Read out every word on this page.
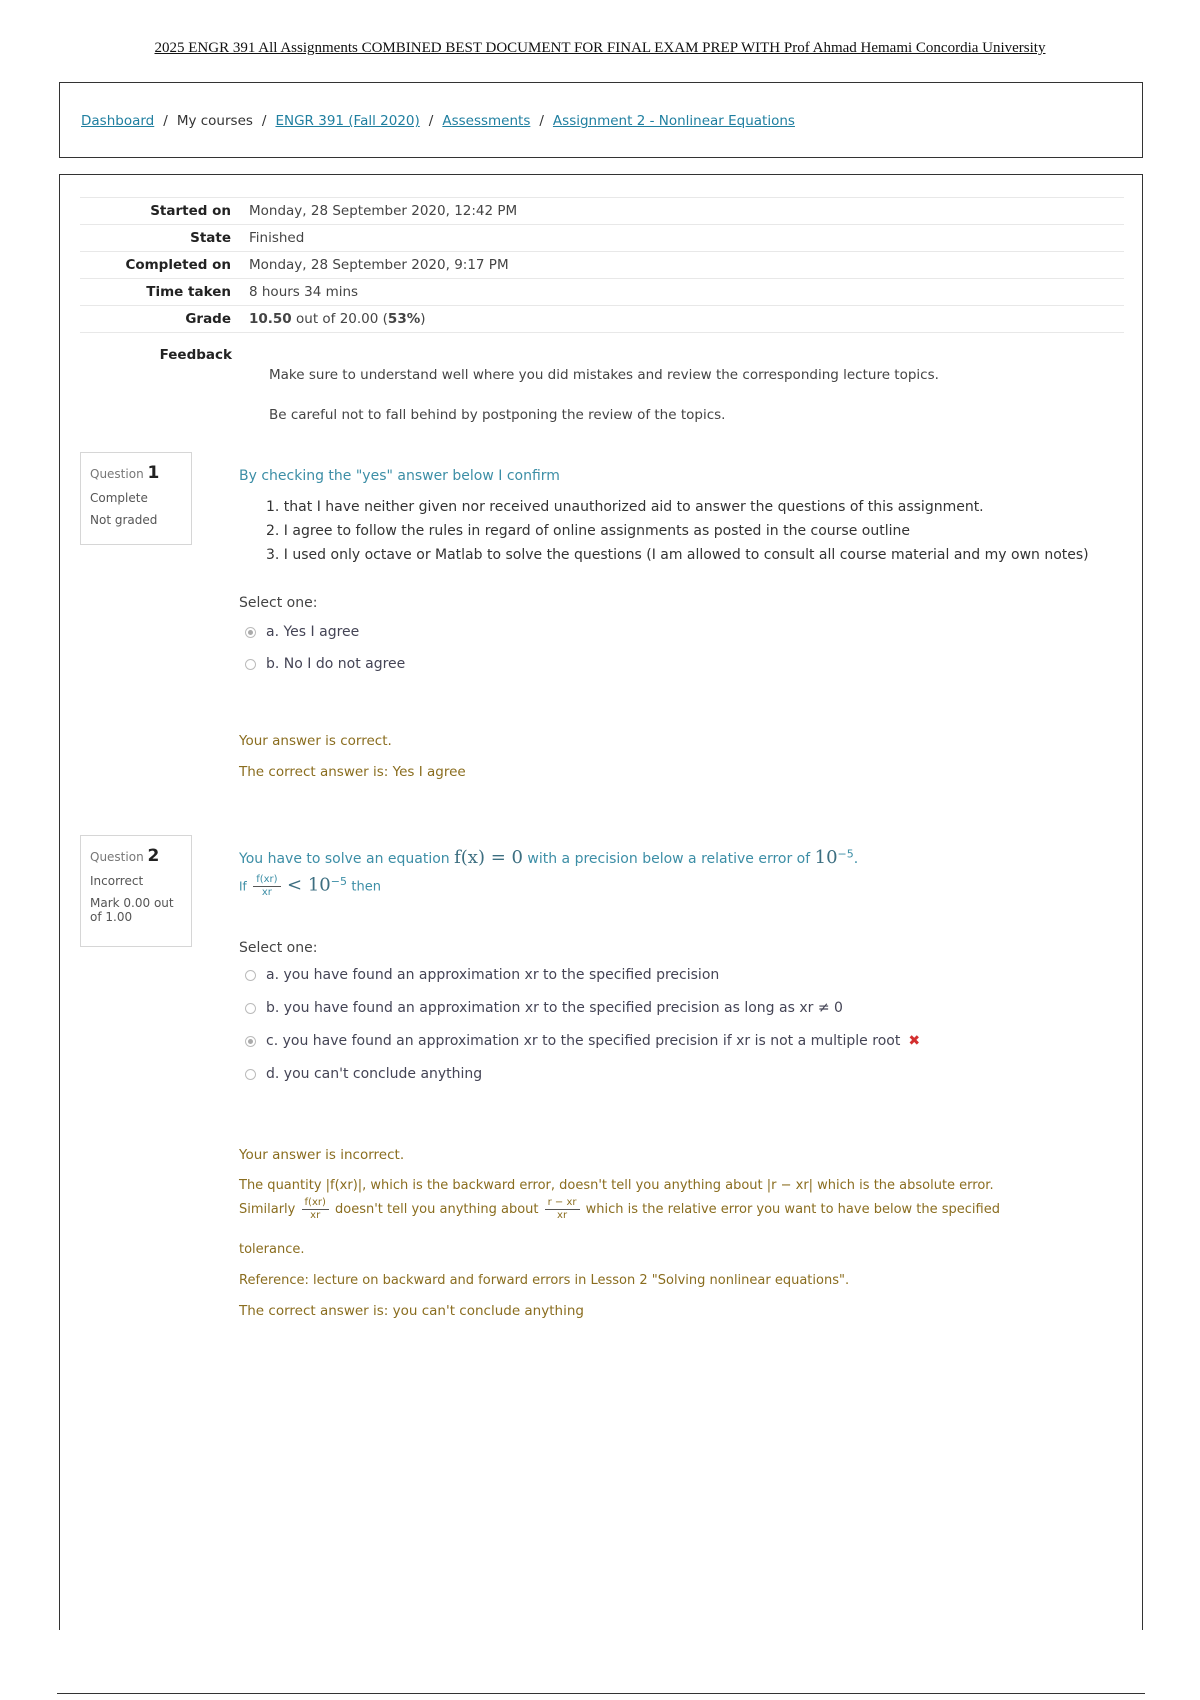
2025 ENGR 391 All Assignments COMBINED BEST DOCUMENT FOR FINAL EXAM PREP WITH Prof Ahmad Hemami Concordia University
Dashboard / My courses / ENGR 391 (Fall 2020) / Assessments / Assignment 2 - Nonlinear Equations
Started on Monday, 28 September 2020, 12:42 PM
State Finished
Completed on Monday, 28 September 2020, 9:17 PM
Time taken 8 hours 34 mins
Grade 10.50 out of 20.00 (53%)
Feedback
Make sure to understand well where you did mistakes and review the corresponding lecture topics.
Be careful not to fall behind by postponing the review of the topics.
Question 1
Complete
Not graded
By checking the "yes" answer below I confirm
1. that I have neither given nor received unauthorized aid to answer the questions of this assignment.
2. I agree to follow the rules in regard of online assignments as posted in the course outline
3. I used only octave or Matlab to solve the questions (I am allowed to consult all course material and my own notes)
Select one:
a. Yes I agree
b. No I do not agree
Your answer is correct.
The correct answer is: Yes I agree
Question 2
Incorrect
Mark 0.00 out of 1.00
You have to solve an equation f(x) = 0 with a precision below a relative error of $10^{-5}$.
If $\frac{f(xr)}{xr} < 10^{-5}$ then
Select one:
a. you have found an approximation xr to the specified precision
b. you have found an approximation xr to the specified precision as long as xr ≠ 0
c. you have found an approximation xr to the specified precision if xr is not a multiple root ✖
d. you can't conclude anything
Your answer is incorrect.
The quantity |f(xr)|, which is the backward error, doesn't tell you anything about |r − xr| which is the absolute error.
Similarly $\frac{f(xr)}{xr}$ doesn't tell you anything about $\frac{r - xr}{xr}$ which is the relative error you want to have below the specified
tolerance.
Reference: lecture on backward and forward errors in Lesson 2 "Solving nonlinear equations".
The correct answer is: you can't conclude anything
